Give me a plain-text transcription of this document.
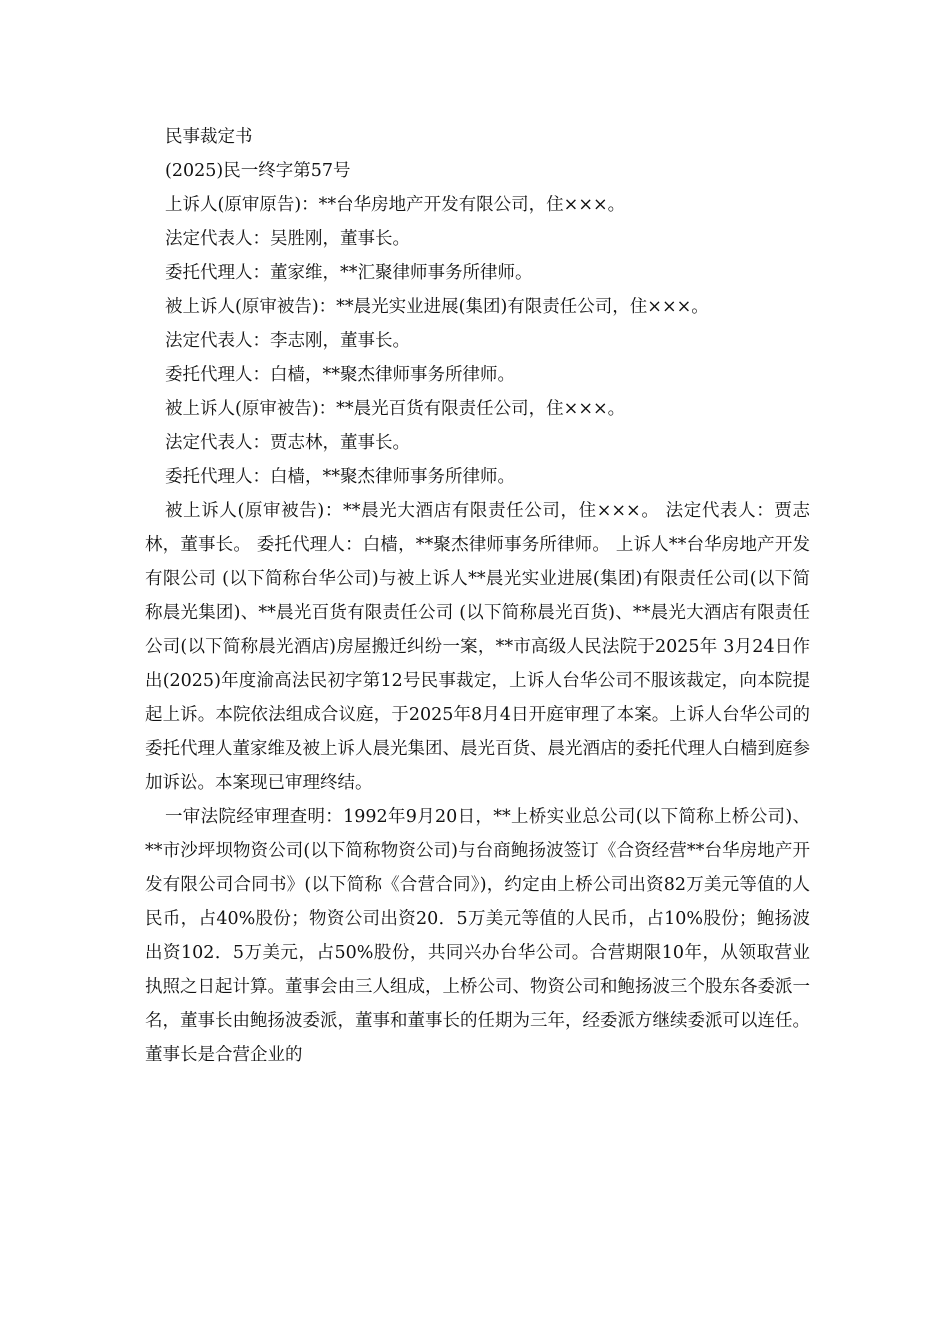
民事裁定书
(2025)民一终字第57号
上诉人(原审原告)：**台华房地产开发有限公司，住×××。
法定代表人：吴胜刚，董事长。
委托代理人：董家维，**汇聚律师事务所律师。
被上诉人(原审被告)：**晨光实业进展(集团)有限责任公司，住×××。
法定代表人：李志刚，董事长。
委托代理人：白樯，**聚杰律师事务所律师。
被上诉人(原审被告)：**晨光百货有限责任公司，住×××。
法定代表人：贾志林，董事长。
委托代理人：白樯，**聚杰律师事务所律师。

被上诉人(原审被告)：**晨光大酒店有限责任公司，住×××。 法定代表人：贾志林，董事长。 委托代理人：白樯，**聚杰律师事务所律师。 上诉人**台华房地产开发有限公司 (以下简称台华公司)与被上诉人**晨光实业进展(集团)有限责任公司(以下简称晨光集团)、**晨光百货有限责任公司 (以下简称晨光百货)、**晨光大酒店有限责任公司(以下简称晨光酒店)房屋搬迁纠纷一案，**市高级人民法院于2025年 3月24日作出(2025)年度渝高法民初字第12号民事裁定，上诉人台华公司不服该裁定，向本院提起上诉。本院依法组成合议庭，于2025年8月4日开庭审理了本案。上诉人台华公司的委托代理人董家维及被上诉人晨光集团、晨光百货、晨光酒店的委托代理人白樯到庭参加诉讼。本案现已审理终结。

一审法院经审理查明：1992年9月20日，**上桥实业总公司(以下简称上桥公司)、**市沙坪坝物资公司(以下简称物资公司)与台商鲍扬波签订《合资经营**台华房地产开发有限公司合同书》(以下简称《合营合同》)，约定由上桥公司出资82万美元等值的人民币，占40%股份；物资公司出资20．5万美元等值的人民币，占10%股份；鲍扬波出资102．5万美元，占50%股份，共同兴办台华公司。合营期限10年，从领取营业执照之日起计算。董事会由三人组成，上桥公司、物资公司和鲍扬波三个股东各委派一名，董事长由鲍扬波委派，董事和董事长的任期为三年，经委派方继续委派可以连任。董事长是合营企业的
